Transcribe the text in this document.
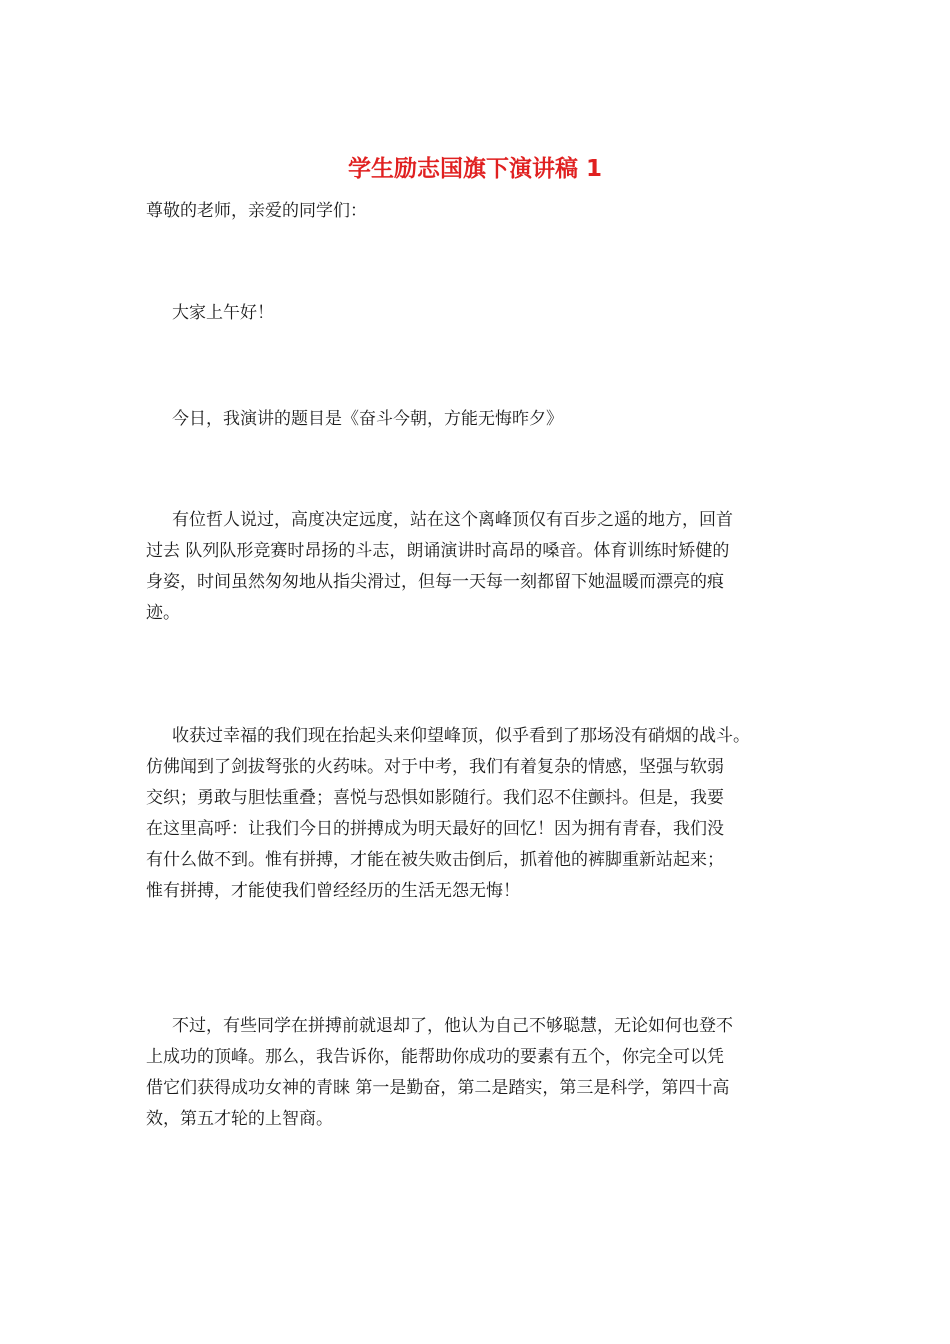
学生励志国旗下演讲稿 1
尊敬的老师，亲爱的同学们：
大家上午好！
今日，我演讲的题目是《奋斗今朝，方能无悔昨夕》
有位哲人说过，高度决定远度，站在这个离峰顶仅有百步之遥的地方，回首
过去 队列队形竞赛时昂扬的斗志，朗诵演讲时高昂的嗓音。体育训练时矫健的
身姿，时间虽然匆匆地从指尖滑过，但每一天每一刻都留下她温暖而漂亮的痕
迹。
收获过幸福的我们现在抬起头来仰望峰顶，似乎看到了那场没有硝烟的战斗。
仿佛闻到了剑拔弩张的火药味。对于中考，我们有着复杂的情感，坚强与软弱
交织；勇敢与胆怯重叠；喜悦与恐惧如影随行。我们忍不住颤抖。但是，我要
在这里高呼：让我们今日的拼搏成为明天最好的回忆！因为拥有青春，我们没
有什么做不到。惟有拼搏，才能在被失败击倒后，抓着他的裤脚重新站起来；
惟有拼搏，才能使我们曾经经历的生活无怨无悔！
不过，有些同学在拼搏前就退却了，他认为自己不够聪慧，无论如何也登不
上成功的顶峰。那么，我告诉你，能帮助你成功的要素有五个，你完全可以凭
借它们获得成功女神的青睐 第一是勤奋，第二是踏实，第三是科学，第四十高
效，第五才轮的上智商。
